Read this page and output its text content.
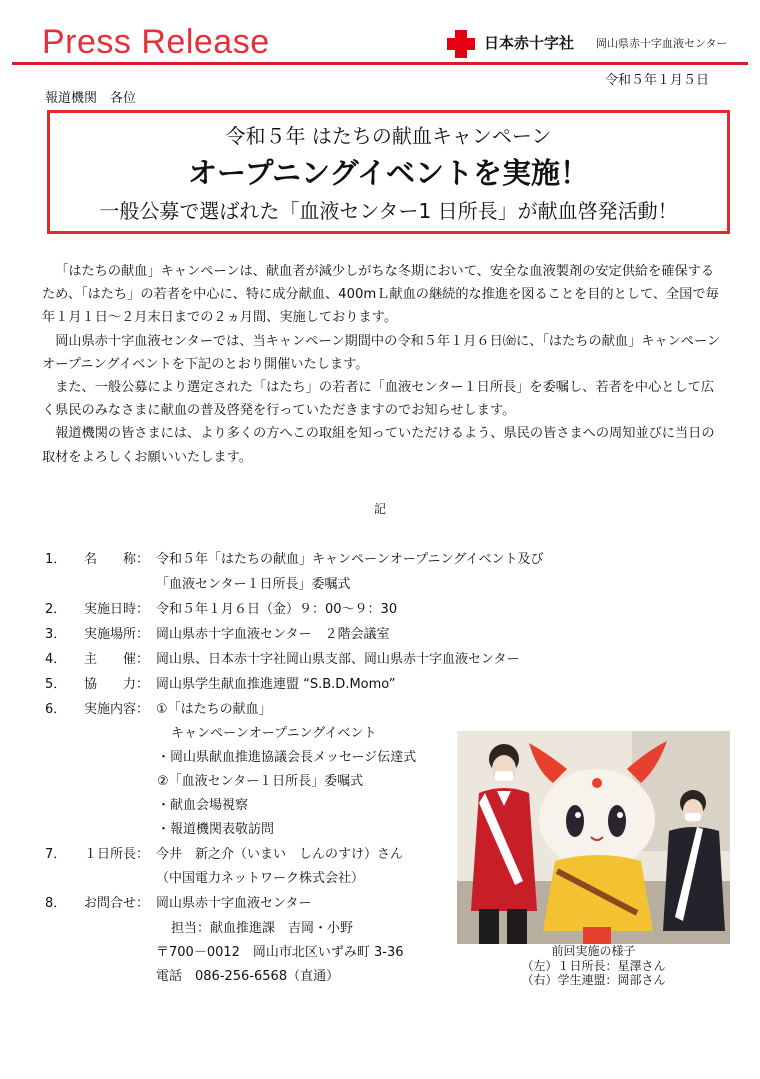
Press Release	日本赤十字社 岡山県赤十字血液センター
令和５年１月５日
報道機関　各位
令和５年 はたちの献血キャンペーン
オープニングイベントを実施！
一般公募で選ばれた「血液センター1 日所長」が献血啓発活動！

「はたちの献血」キャンペーンは、献血者が減少しがちな冬期において、安全な血液製剤の安定供給を確保するため、「はたち」の若者を中心に、特に成分献血、400mＬ献血の継続的な推進を図ることを目的として、全国で毎年１月１日～２月末日までの２ヵ月間、実施しております。

岡山県赤十字血液センターでは、当キャンペーン期間中の令和５年１月６日㈮に、「はたちの献血」キャンペーンオープニングイベントを下記のとおり開催いたします。

また、一般公募により選定された「はたち」の若者に「血液センター１日所長」を委嘱し、若者を中心として広く県民のみなさまに献血の普及啓発を行っていただきますのでお知らせします。

報道機関の皆さまには、より多くの方へこの取組を知っていただけるよう、県民の皆さまへの周知並びに当日の取材をよろしくお願いいたします。

記
1． 名　　称： 令和５年「はたちの献血」キャンペーンオープニングイベント及び
「血液センター１日所長」委嘱式
2． 実施日時： 令和５年１月６日（金）９：00～９：30
3． 実施場所： 岡山県赤十字血液センター　２階会議室
4． 主　　催： 岡山県、日本赤十字社岡山県支部、岡山県赤十字血液センター
5． 協　　力： 岡山県学生献血推進連盟 “S.B.D.Momo”
6． 実施内容： ①「はたちの献血」
キャンペーンオープニングイベント
・岡山県献血推進協議会長メッセージ伝達式
②「血液センター１日所長」委嘱式
・献血会場視察
・報道機関表敬訪問
7． １日所長： 今井　新之介（いまい　しんのすけ）さん
（中国電力ネットワーク株式会社）
8． お問合せ： 岡山県赤十字血液センター
担当：献血推進課　吉岡・小野
〒700－0012　岡山市北区いずみ町 3-36
電話　086-256-6568（直通）
前回実施の様子
（左）１日所長：星澤さん
（右）学生連盟：岡部さん
